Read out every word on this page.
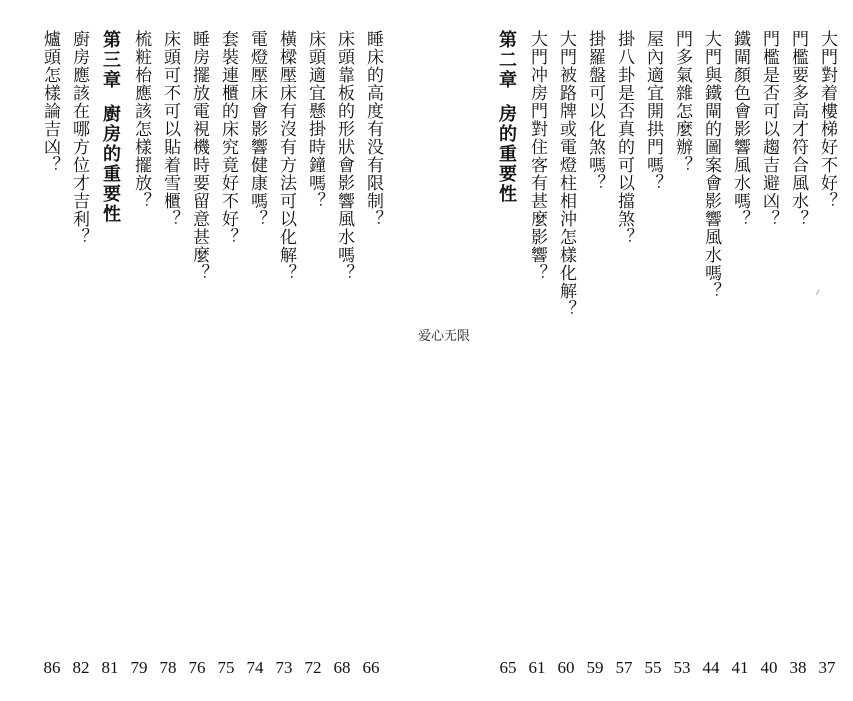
爱心无限
大門對着樓梯好不好？
門檻要多高才符合風水？
門檻是否可以趨吉避凶？
鐵閘顏色會影響風水嗎？
大門與鐵閘的圖案會影響風水嗎？
門多氣雜怎麼辦？
屋內適宜開拱門嗎？
掛八卦是否真的可以擋煞？
掛羅盤可以化煞嗎？
大門被路牌或電燈柱相沖怎樣化解？
大門冲房門對住客有甚麼影響？
第二章房的重要性
睡床的高度有没有限制？
床頭靠板的形狀會影響風水嗎？
床頭適宜懸掛時鐘嗎？
橫樑壓床有沒有方法可以化解？
電燈壓床會影響健康嗎？
套裝連櫃的床究竟好不好？
睡房擺放電視機時要留意甚麼？
床頭可不可以貼着雪櫃？
梳粧枱應該怎樣擺放？
第三章廚房的重要性
廚房應該在哪方位才吉利？
爐頭怎樣論吉凶？
37
38
40
41
44
53
55
57
59
60
61
65
66
68
72
73
74
75
76
78
79
81
82
86
